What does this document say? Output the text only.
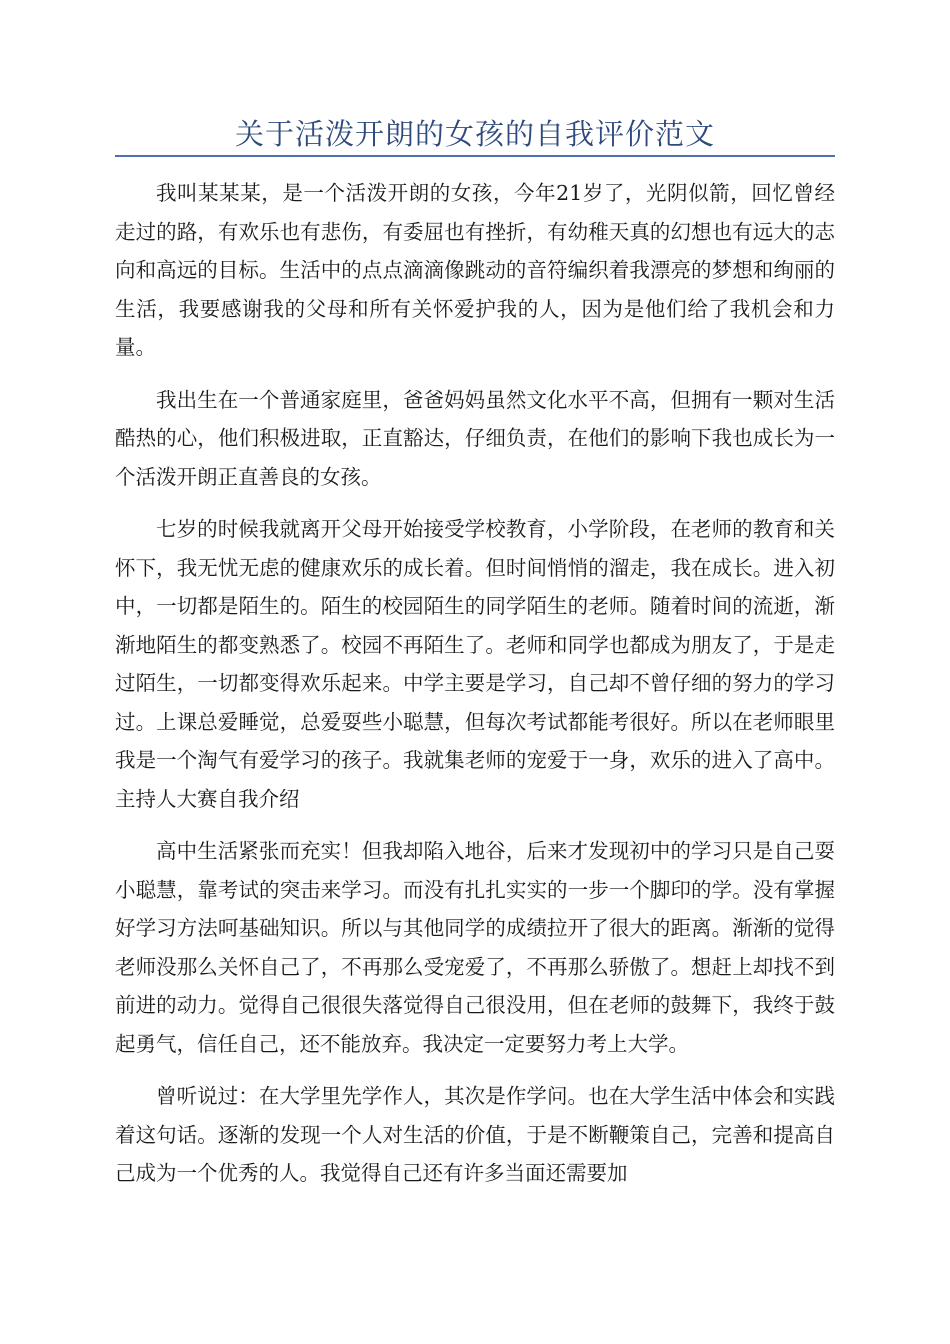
关于活泼开朗的女孩的自我评价范文

我叫某某某，是一个活泼开朗的女孩，今年21岁了，光阴似箭，回忆曾经走过的路，有欢乐也有悲伤，有委屈也有挫折，有幼稚天真的幻想也有远大的志向和高远的目标。生活中的点点滴滴像跳动的音符编织着我漂亮的梦想和绚丽的生活，我要感谢我的父母和所有关怀爱护我的人，因为是他们给了我机会和力量。

我出生在一个普通家庭里，爸爸妈妈虽然文化水平不高，但拥有一颗对生活酷热的心，他们积极进取，正直豁达，仔细负责，在他们的影响下我也成长为一个活泼开朗正直善良的女孩。

七岁的时候我就离开父母开始接受学校教育，小学阶段，在老师的教育和关怀下，我无忧无虑的健康欢乐的成长着。但时间悄悄的溜走，我在成长。进入初中，一切都是陌生的。陌生的校园陌生的同学陌生的老师。随着时间的流逝，渐渐地陌生的都变熟悉了。校园不再陌生了。老师和同学也都成为朋友了，于是走过陌生，一切都变得欢乐起来。中学主要是学习，自己却不曾仔细的努力的学习过。上课总爱睡觉，总爱耍些小聪慧，但每次考试都能考很好。所以在老师眼里我是一个淘气有爱学习的孩子。我就集老师的宠爱于一身，欢乐的进入了高中。主持人大赛自我介绍

高中生活紧张而充实！但我却陷入地谷，后来才发现初中的学习只是自己耍小聪慧，靠考试的突击来学习。而没有扎扎实实的一步一个脚印的学。没有掌握好学习方法呵基础知识。所以与其他同学的成绩拉开了很大的距离。渐渐的觉得老师没那么关怀自己了，不再那么受宠爱了，不再那么骄傲了。想赶上却找不到前进的动力。觉得自己很很失落觉得自己很没用，但在老师的鼓舞下，我终于鼓起勇气，信任自己，还不能放弃。我决定一定要努力考上大学。

曾听说过：在大学里先学作人，其次是作学问。也在大学生活中体会和实践着这句话。逐渐的发现一个人对生活的价值，于是不断鞭策自己，完善和提高自己成为一个优秀的人。我觉得自己还有许多当面还需要加
